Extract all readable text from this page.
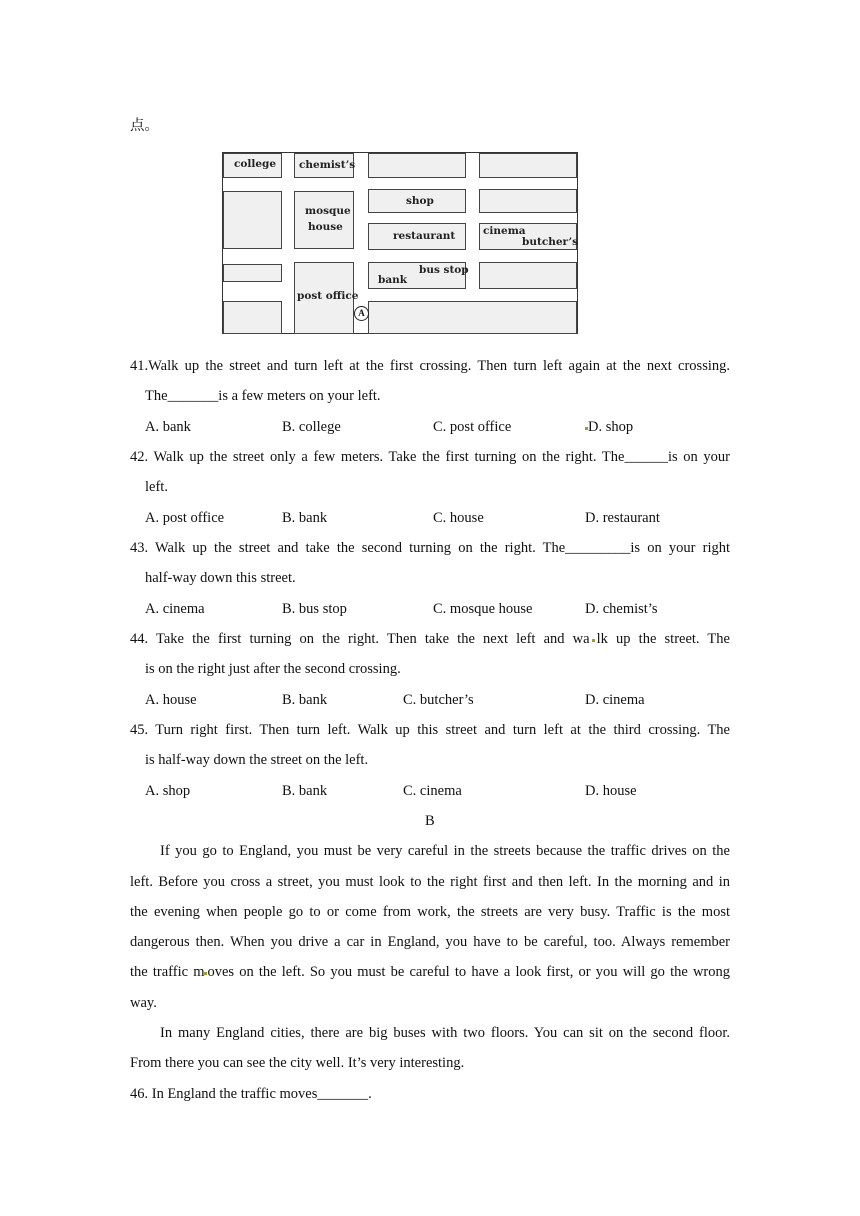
点。
college chemist’s
mosque
house
shop
restaurant	cinema
butcher’s
post office
bus stop
bank
A
41.Walk up the street and turn left at the first crossing. Then turn left again at the next crossing.
The_______is a few meters on your left.
A. bank	B. college	C. post office	D. shop
42. Walk up the street only a few meters. Take the first turning on the right. The______is on your
left.
A. post office	B. bank	C. house	D. restaurant
43. Walk up the street and take the second turning on the right. The_________is on your right
half-way down this street.
A. cinema	B. bus stop	C. mosque house	D. chemist’s
44. Take the first turning on the right. Then take the next left and wa lk up the street. The
is on the right just after the second crossing.
A. house	B. bank	C. butcher’s	D. cinema
45. Turn right first. Then turn left. Walk up this street and turn left at the third crossing. The
is half-way down the street on the left.
A. shop	B. bank	C. cinema	D. house
B
If you go to England, you must be very careful in the streets because the traffic drives on the
left. Before you cross a street, you must look to the right first and then left. In the morning and in
the evening when people go to or come from work, the streets are very busy. Traffic is the most
dangerous then. When you drive a car in England, you have to be careful, too. Always remember
the traffic m oves on the left. So you must be careful to have a look first, or you will go the wrong
way.
In many England cities, there are big buses with two floors. You can sit on the second floor.
From there you can see the city well. It’s very interesting.
46. In England the traffic moves_______.
